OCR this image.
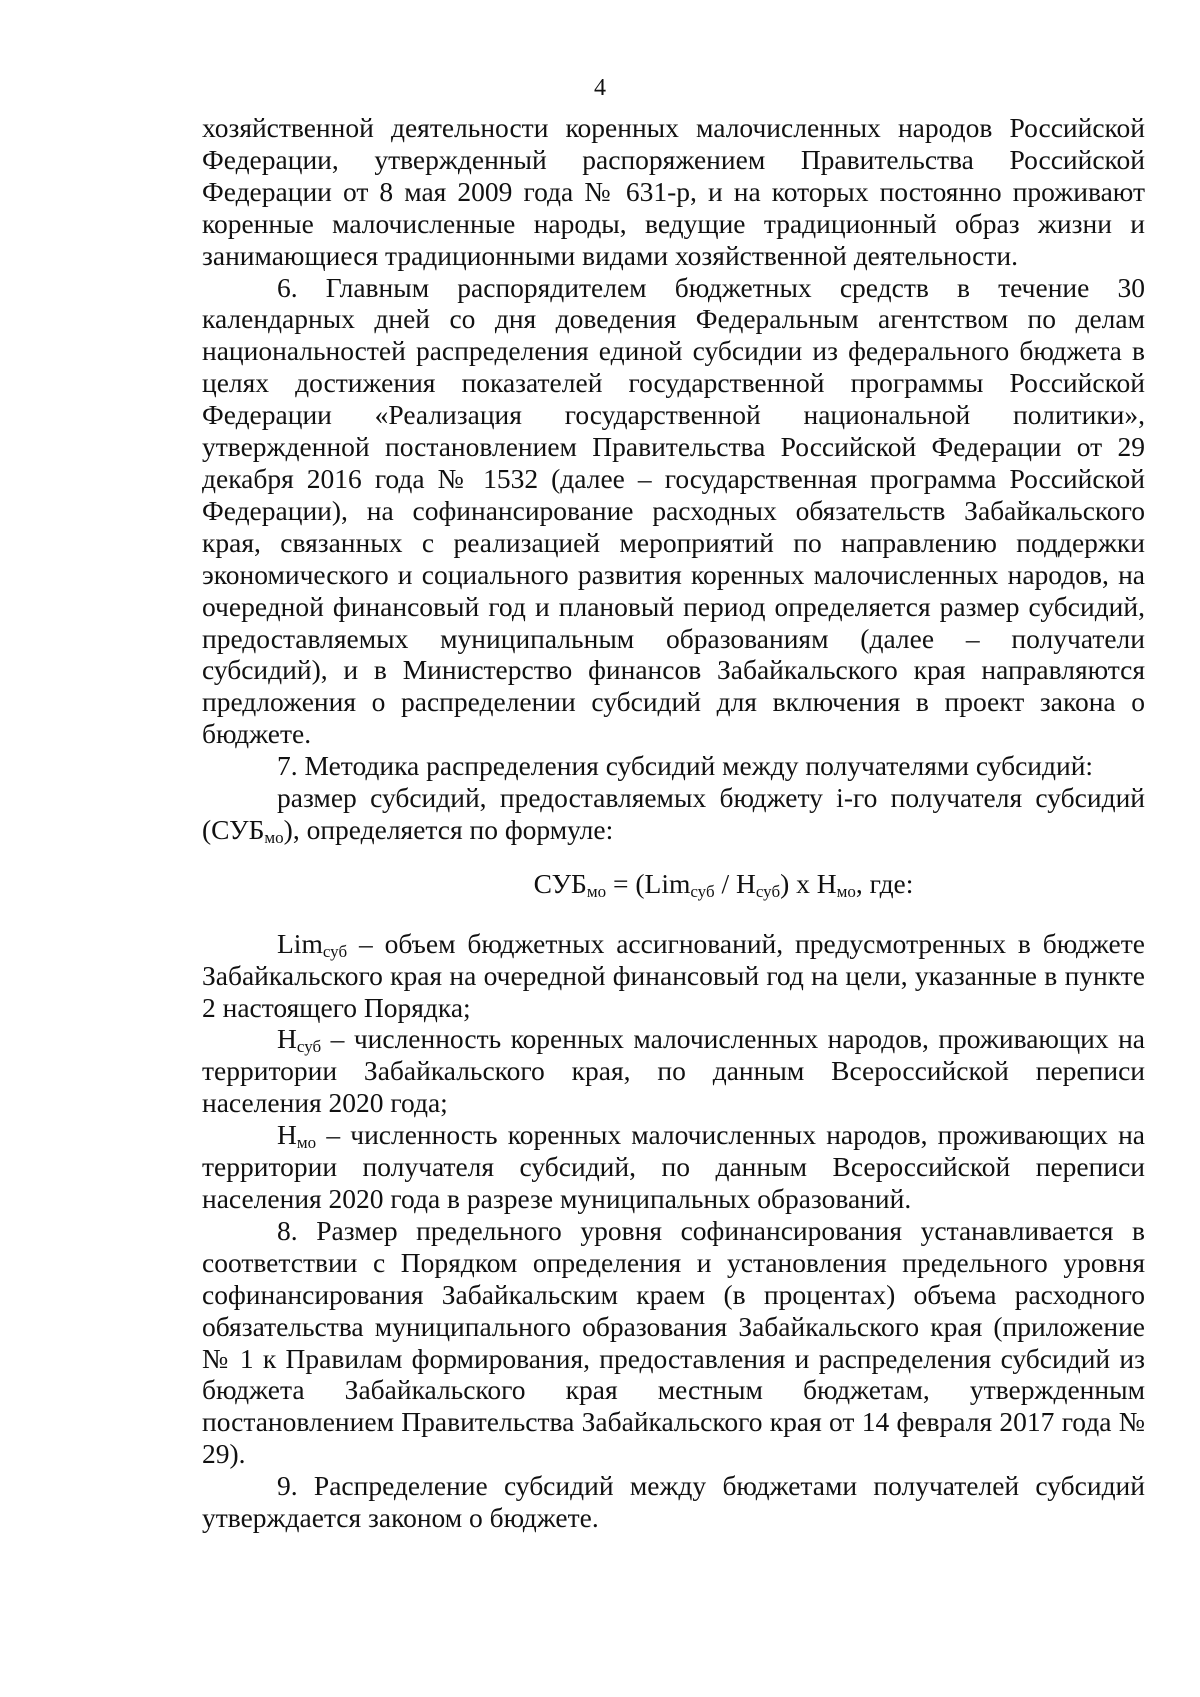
4

хозяйственной деятельности коренных малочисленных народов Российской Федерации, утвержденный распоряжением Правительства Российской Федерации от 8 мая 2009 года № 631-р, и на которых постоянно проживают коренные малочисленные народы, ведущие традиционный образ жизни и занимающиеся традиционными видами хозяйственной деятельности.

6. Главным распорядителем бюджетных средств в течение 30 календарных дней со дня доведения Федеральным агентством по делам национальностей распределения единой субсидии из федерального бюджета в целях достижения показателей государственной программы Российской Федерации «Реализация государственной национальной политики», утвержденной постановлением Правительства Российской Федерации от 29 декабря 2016 года № 1532 (далее – государственная программа Российской Федерации), на софинансирование расходных обязательств Забайкальского края, связанных с реализацией мероприятий по направлению поддержки экономического и социального развития коренных малочисленных народов, на очередной финансовый год и плановый период определяется размер субсидий, предоставляемых муниципальным образованиям (далее – получатели субсидий), и в Министерство финансов Забайкальского края направляются предложения о распределении субсидий для включения в проект закона о бюджете.

7. Методика распределения субсидий между получателями субсидий:

размер субсидий, предоставляемых бюджету i-го получателя субсидий $(СУБ_{мо})$, определяется по формуле:

$СУБ_{мо} = (Lim_{суб} / Н_{суб})$ х $Н_{мо}$, где:

Lim$_{суб}$ – объем бюджетных ассигнований, предусмотренных в бюджете Забайкальского края на очередной финансовый год на цели, указанные в пункте 2 настоящего Порядка;

$Н_{суб}$ – численность коренных малочисленных народов, проживающих на территории Забайкальского края, по данным Всероссийской переписи населения 2020 года;

$Н_{мо}$ – численность коренных малочисленных народов, проживающих на территории получателя субсидий, по данным Всероссийской переписи населения 2020 года в разрезе муниципальных образований.

8. Размер предельного уровня софинансирования устанавливается в соответствии с Порядком определения и установления предельного уровня софинансирования Забайкальским краем (в процентах) объема расходного обязательства муниципального образования Забайкальского края (приложение № 1 к Правилам формирования, предоставления и распределения субсидий из бюджета Забайкальского края местным бюджетам, утвержденным постановлением Правительства Забайкальского края от 14 февраля 2017 года № 29).

9. Распределение субсидий между бюджетами получателей субсидий утверждается законом о бюджете.
